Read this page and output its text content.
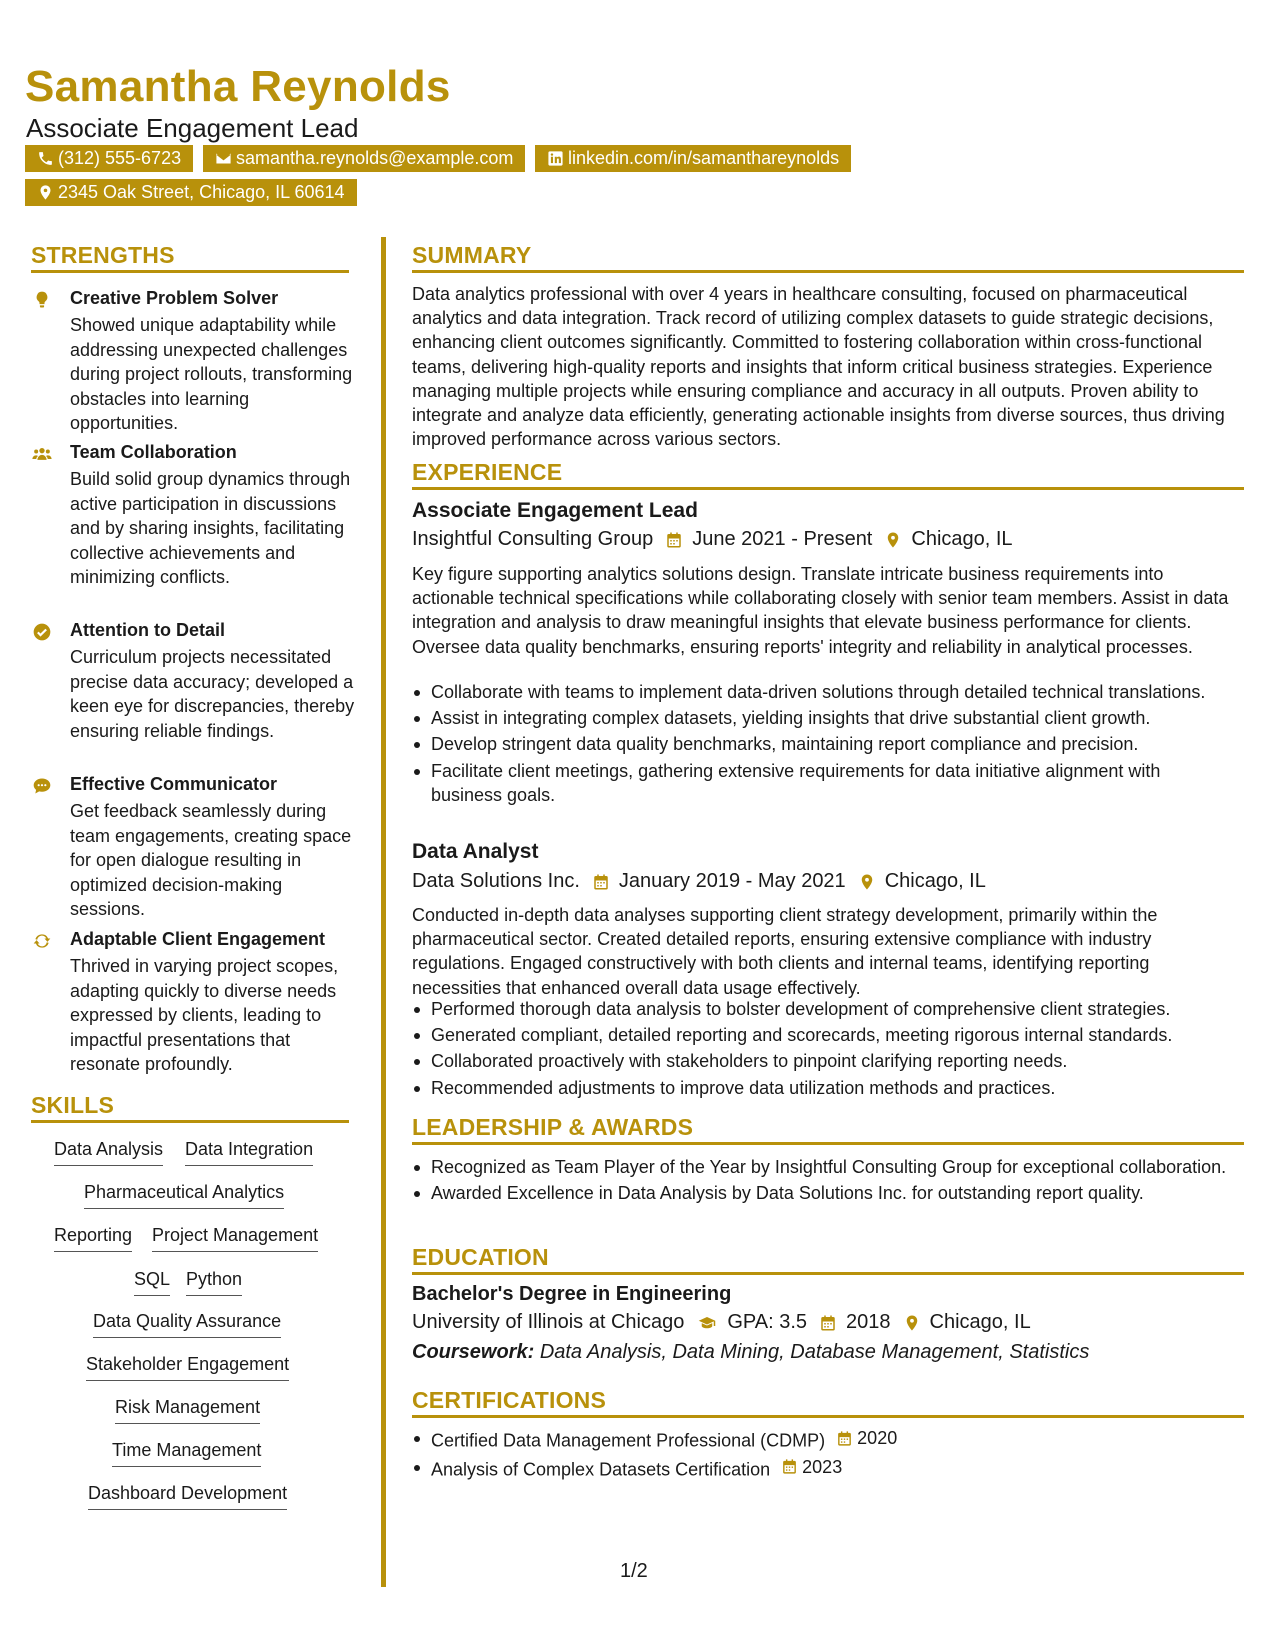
Samantha Reynolds
Associate Engagement Lead
(312) 555-6723	samantha.reynolds@example.com	linkedin.com/in/samanthareynolds
2345 Oak Street, Chicago, IL 60614
STRENGTHS
Creative Problem Solver
Showed unique adaptability while addressing unexpected challenges during project rollouts, transforming obstacles into learning opportunities.
Team Collaboration
Build solid group dynamics through active participation in discussions and by sharing insights, facilitating collective achievements and minimizing conflicts.
Attention to Detail
Curriculum projects necessitated precise data accuracy; developed a keen eye for discrepancies, thereby ensuring reliable findings.
Effective Communicator
Get feedback seamlessly during team engagements, creating space for open dialogue resulting in optimized decision-making sessions.
Adaptable Client Engagement
Thrived in varying project scopes, adapting quickly to diverse needs expressed by clients, leading to impactful presentations that resonate profoundly.
SKILLS
Data Analysis Data Integration
Pharmaceutical Analytics
Reporting Project Management
SQL Python
Data Quality Assurance
Stakeholder Engagement
Risk Management
Time Management
Dashboard Development
SUMMARY
Data analytics professional with over 4 years in healthcare consulting, focused on pharmaceutical analytics and data integration. Track record of utilizing complex datasets to guide strategic decisions, enhancing client outcomes significantly. Committed to fostering collaboration within cross-functional teams, delivering high-quality reports and insights that inform critical business strategies. Experience managing multiple projects while ensuring compliance and accuracy in all outputs. Proven ability to integrate and analyze data efficiently, generating actionable insights from diverse sources, thus driving improved performance across various sectors.
EXPERIENCE
Associate Engagement Lead
Insightful Consulting Group June 2021 - Present Chicago, IL
Key figure supporting analytics solutions design. Translate intricate business requirements into actionable technical specifications while collaborating closely with senior team members. Assist in data integration and analysis to draw meaningful insights that elevate business performance for clients. Oversee data quality benchmarks, ensuring reports' integrity and reliability in analytical processes.
Collaborate with teams to implement data-driven solutions through detailed technical translations.
Assist in integrating complex datasets, yielding insights that drive substantial client growth.
Develop stringent data quality benchmarks, maintaining report compliance and precision.
Facilitate client meetings, gathering extensive requirements for data initiative alignment with business goals.
Data Analyst
Data Solutions Inc. January 2019 - May 2021 Chicago, IL
Conducted in-depth data analyses supporting client strategy development, primarily within the pharmaceutical sector. Created detailed reports, ensuring extensive compliance with industry regulations. Engaged constructively with both clients and internal teams, identifying reporting necessities that enhanced overall data usage effectively.
Performed thorough data analysis to bolster development of comprehensive client strategies.
Generated compliant, detailed reporting and scorecards, meeting rigorous internal standards.
Collaborated proactively with stakeholders to pinpoint clarifying reporting needs.
Recommended adjustments to improve data utilization methods and practices.
LEADERSHIP & AWARDS
Recognized as Team Player of the Year by Insightful Consulting Group for exceptional collaboration.
Awarded Excellence in Data Analysis by Data Solutions Inc. for outstanding report quality.
EDUCATION
Bachelor's Degree in Engineering
University of Illinois at Chicago GPA: 3.5 2018 Chicago, IL
Coursework: Data Analysis, Data Mining, Database Management, Statistics
CERTIFICATIONS
Certified Data Management Professional (CDMP) 2020
Analysis of Complex Datasets Certification 2023
1/2
